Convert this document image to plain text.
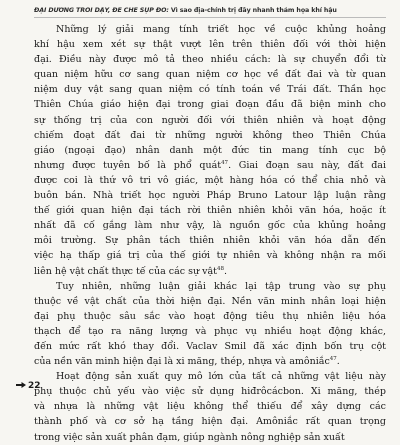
ĐẠI DƯƠNG TRỖI DẬY, ĐẾ CHẾ SỤP ĐỔ: Vì sao địa-chính trị đầy nhanh thảm họa khí hậu

Những lý giải mang tính triết học về cuộc khủng hoảng
khí hậu xem xét sự thật vượt lên trên thiên đối với thời hiện
đại. Điều này được mô tả theo nhiều cách: là sự chuyển đổi từ
quan niệm hữu cơ sang quan niệm cơ học về đất đai và từ quan
niệm duy vật sang quan niệm có tính toán về Trái đất. Thần học
Thiên Chúa giáo hiện đại trong giai đoạn đầu đã biện minh cho
sự thống trị của con người đối với thiên nhiên và hoạt động
chiếm đoạt đất đai từ những người không theo Thiên Chúa
giáo (ngoại đạo) nhân danh một đức tin mang tính cục bộ
nhưng được tuyên bố là phổ quát$^{47}$. Giai đoạn sau này, đất đai
được coi là thứ vô tri vô giác, một hàng hóa có thể chia nhỏ và
buôn bán. Nhà triết học người Pháp Bruno Latour lập luận rằng
thế giới quan hiện đại tách rời thiên nhiên khỏi văn hóa, hoặc ít
nhất đã cố gắng làm như vậy, là nguồn gốc của khủng hoảng
môi trường. Sự phân tách thiên nhiên khỏi văn hóa dẫn đến
việc hạ thấp giá trị của thế giới tự nhiên và không nhận ra mối
liên hệ vật chất thực tế của các sự vật$^{48}$.

Tuy nhiên, những luận giải khác lại tập trung vào sự phụ
thuộc về vật chất của thời hiện đại. Nền văn minh nhân loại hiện
đại phụ thuộc sâu sắc vào hoạt động tiêu thụ nhiên liệu hóa
thạch để tạo ra năng lượng và phục vụ nhiều hoạt động khác,
đến mức rất khó thay đổi. Vaclav Smil đã xác định bốn trụ cột
của nền văn minh hiện đại là xi măng, thép, nhựa và amôniắc$^{47}$.

Hoạt động sản xuất quy mô lớn của tất cả những vật liệu này
phụ thuộc chủ yếu vào việc sử dụng hiđrôcácbon. Xi măng, thép
và nhựa là những vật liệu không thể thiếu để xây dựng các
thành phố và cơ sở hạ tầng hiện đại. Amôniắc rất quan trọng
trong việc sản xuất phân đạm, giúp ngành nông nghiệp sản xuất

22
